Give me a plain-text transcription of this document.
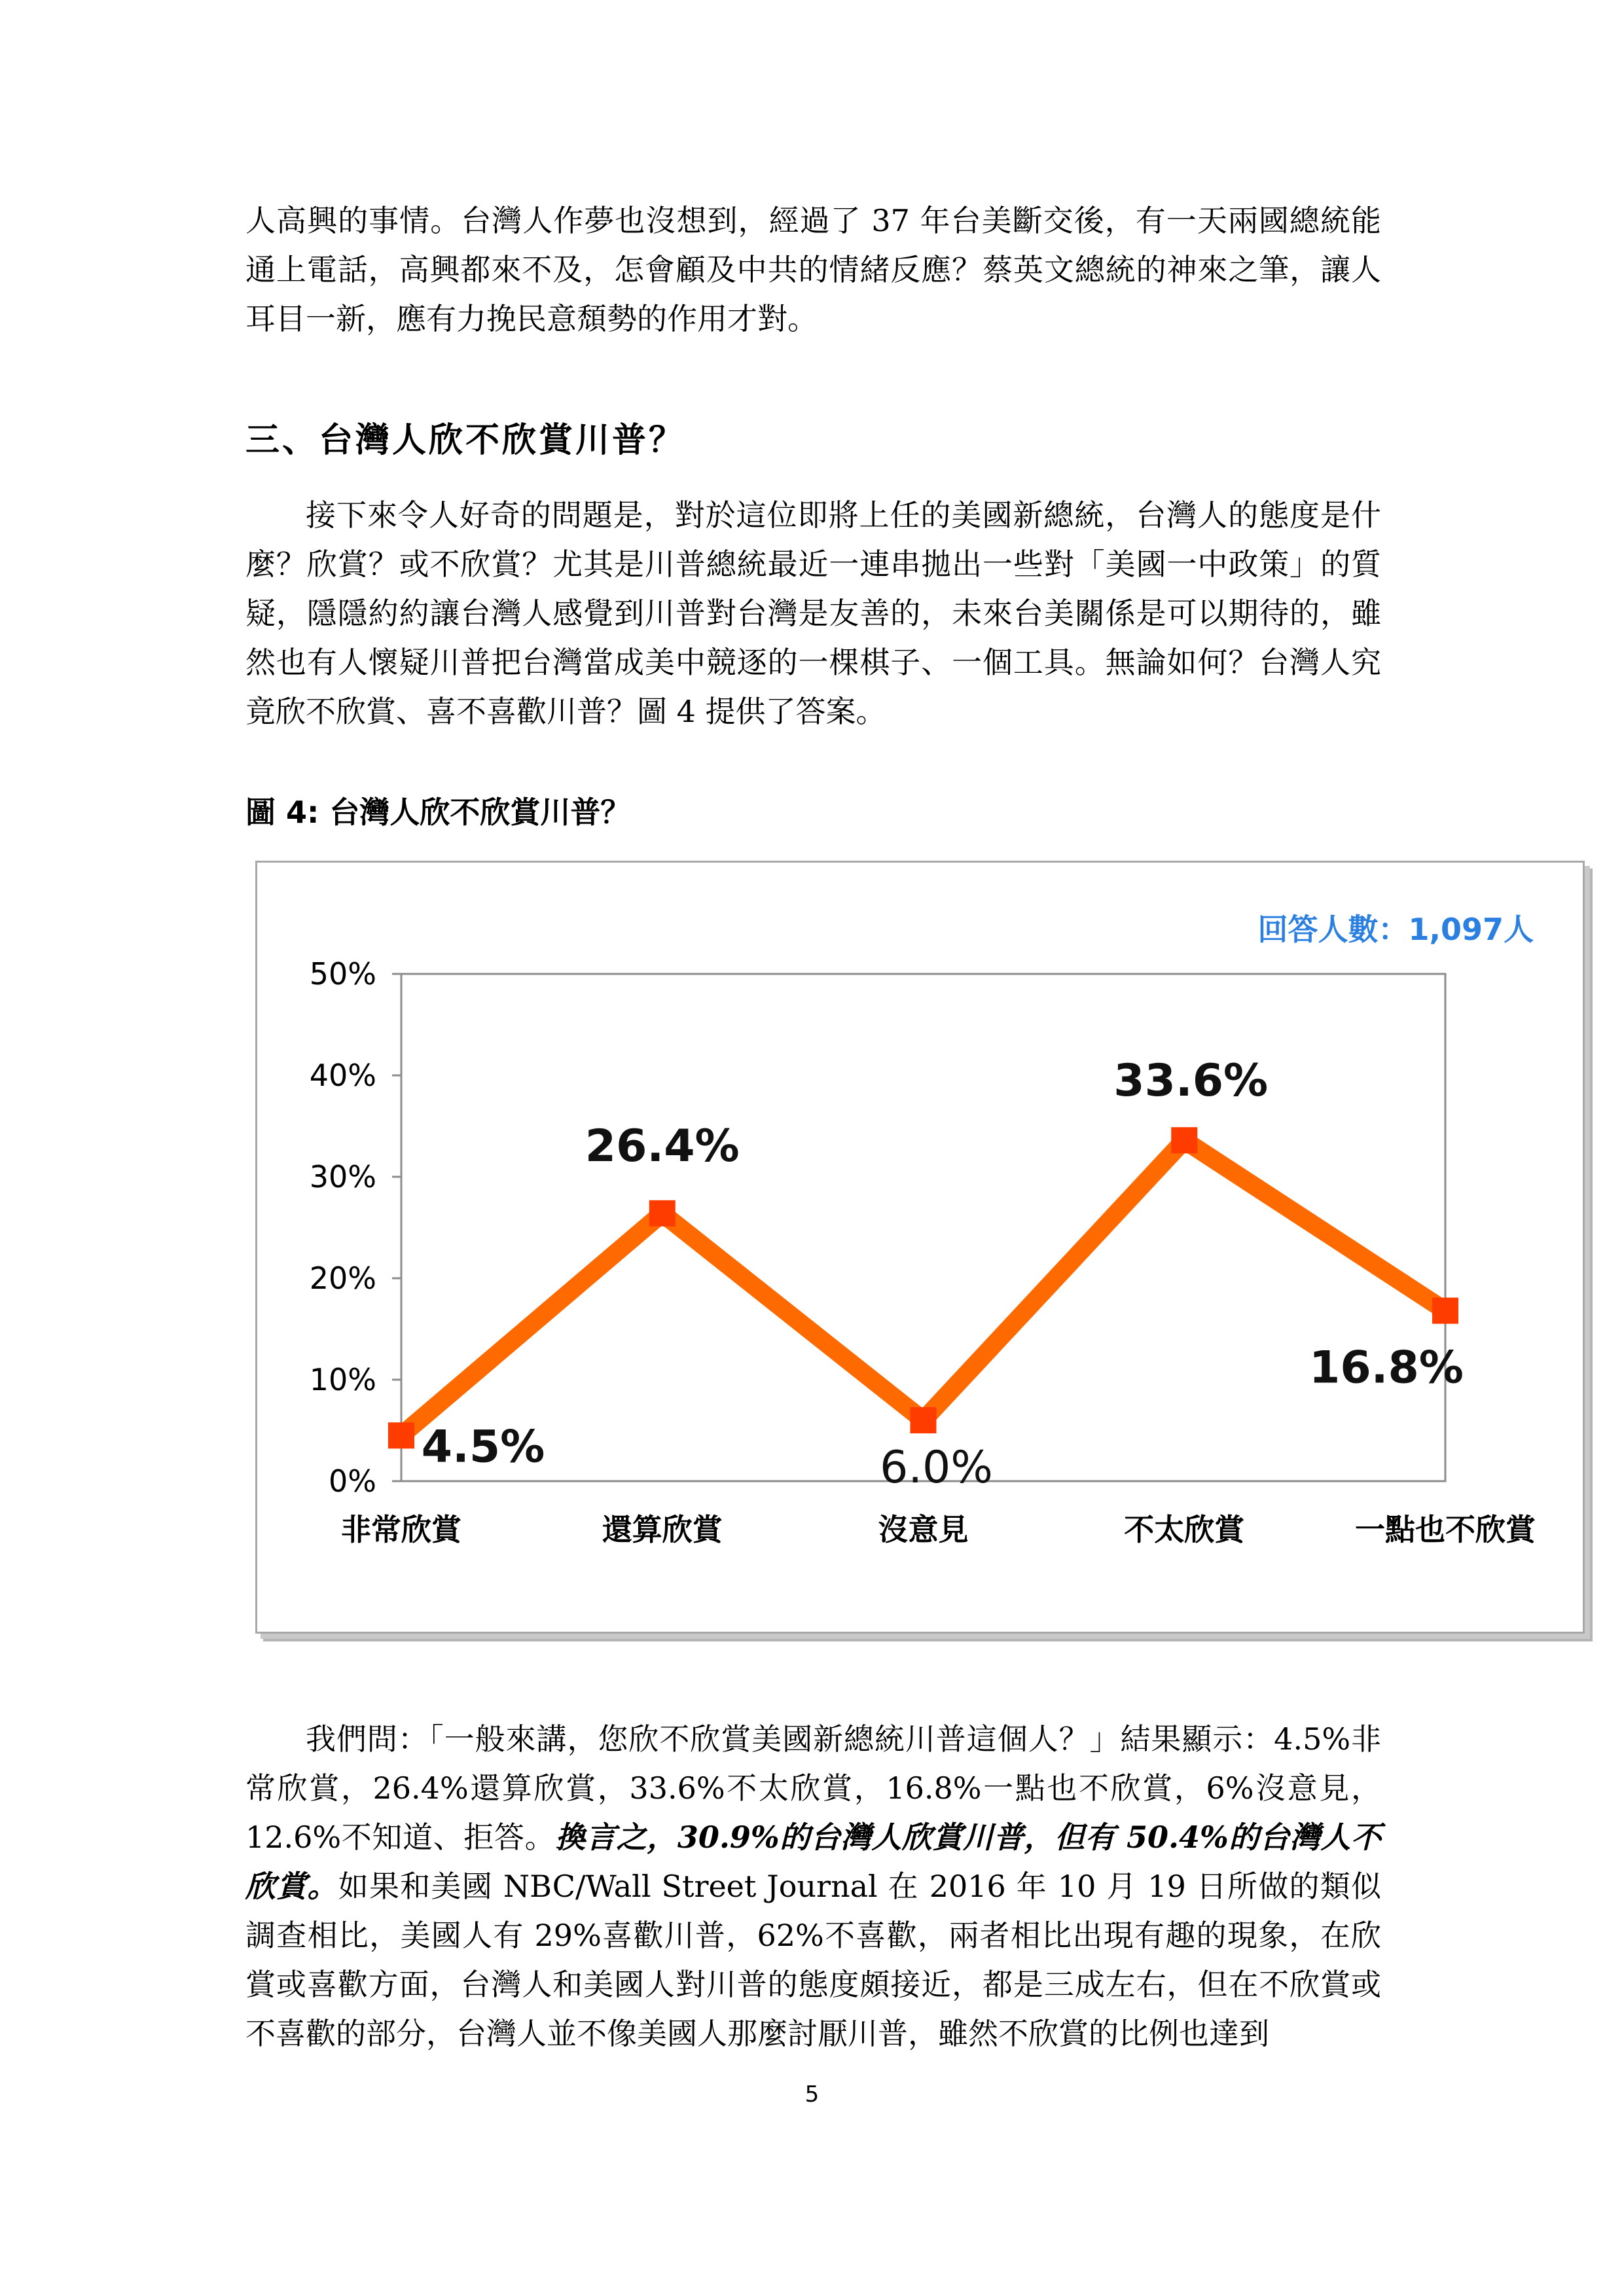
人高興的事情。台灣人作夢也沒想到，經過了 37 年台美斷交後，有一天兩國總統能通上電話，高興都來不及，怎會顧及中共的情緒反應？蔡英文總統的神來之筆，讓人耳目一新，應有力挽民意頹勢的作用才對。

三、台灣人欣不欣賞川普？

接下來令人好奇的問題是，對於這位即將上任的美國新總統，台灣人的態度是什麼？欣賞？或不欣賞？尤其是川普總統最近一連串拋出一些對「美國一中政策」的質疑，隱隱約約讓台灣人感覺到川普對台灣是友善的，未來台美關係是可以期待的，雖然也有人懷疑川普把台灣當成美中競逐的一棵棋子、一個工具。無論如何？台灣人究竟欣不欣賞、喜不喜歡川普？圖 4 提供了答案。

圖 4: 台灣人欣不欣賞川普？

0%
10%
20%
30%
40%
50%
非常欣賞	還算欣賞	沒意見	不太欣賞	一點也不欣賞
4.5%
26.4%
6.0%
33.6%
16.8%
回答人數：1,097人

我們問：「一般來講，您欣不欣賞美國新總統川普這個人？」結果顯示：4.5%非常欣賞，26.4%還算欣賞，33.6%不太欣賞，16.8%一點也不欣賞，6%沒意見，12.6%不知道、拒答。換言之，30.9%的台灣人欣賞川普，但有 50.4%的台灣人不欣賞。如果和美國 NBC/Wall Street Journal 在 2016 年 10 月 19 日所做的類似調查相比，美國人有 29%喜歡川普，62%不喜歡，兩者相比出現有趣的現象，在欣賞或喜歡方面，台灣人和美國人對川普的態度頗接近，都是三成左右，但在不欣賞或不喜歡的部分，台灣人並不像美國人那麼討厭川普，雖然不欣賞的比例也達到

5
